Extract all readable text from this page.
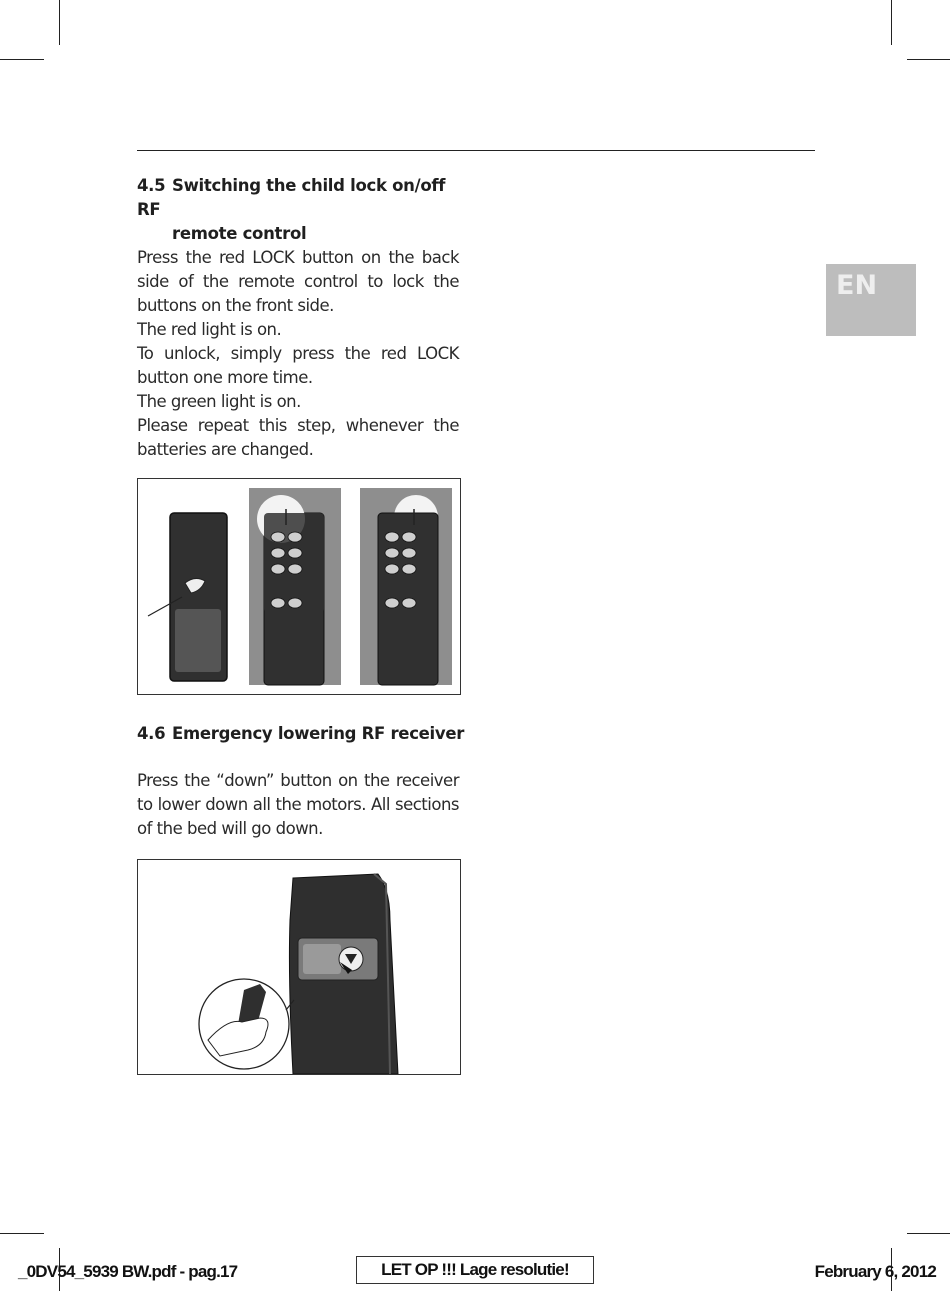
4.5 Switching the child lock on/off RF
remote control

Press the red LOCK button on the back side of the remote control to lock the buttons on the front side.

The red light is on.

To unlock, simply press the red LOCK button one more time.

The green light is on.

Please repeat this step, whenever the batteries are changed.

4.6 Emergency lowering RF receiver

Press the “down” button on the receiver to lower down all the motors. All sections of the bed will go down.

EN
_0DV54_5939 BW.pdf - pag.17	LET OP !!! Lage resolutie!	February 6, 2012
